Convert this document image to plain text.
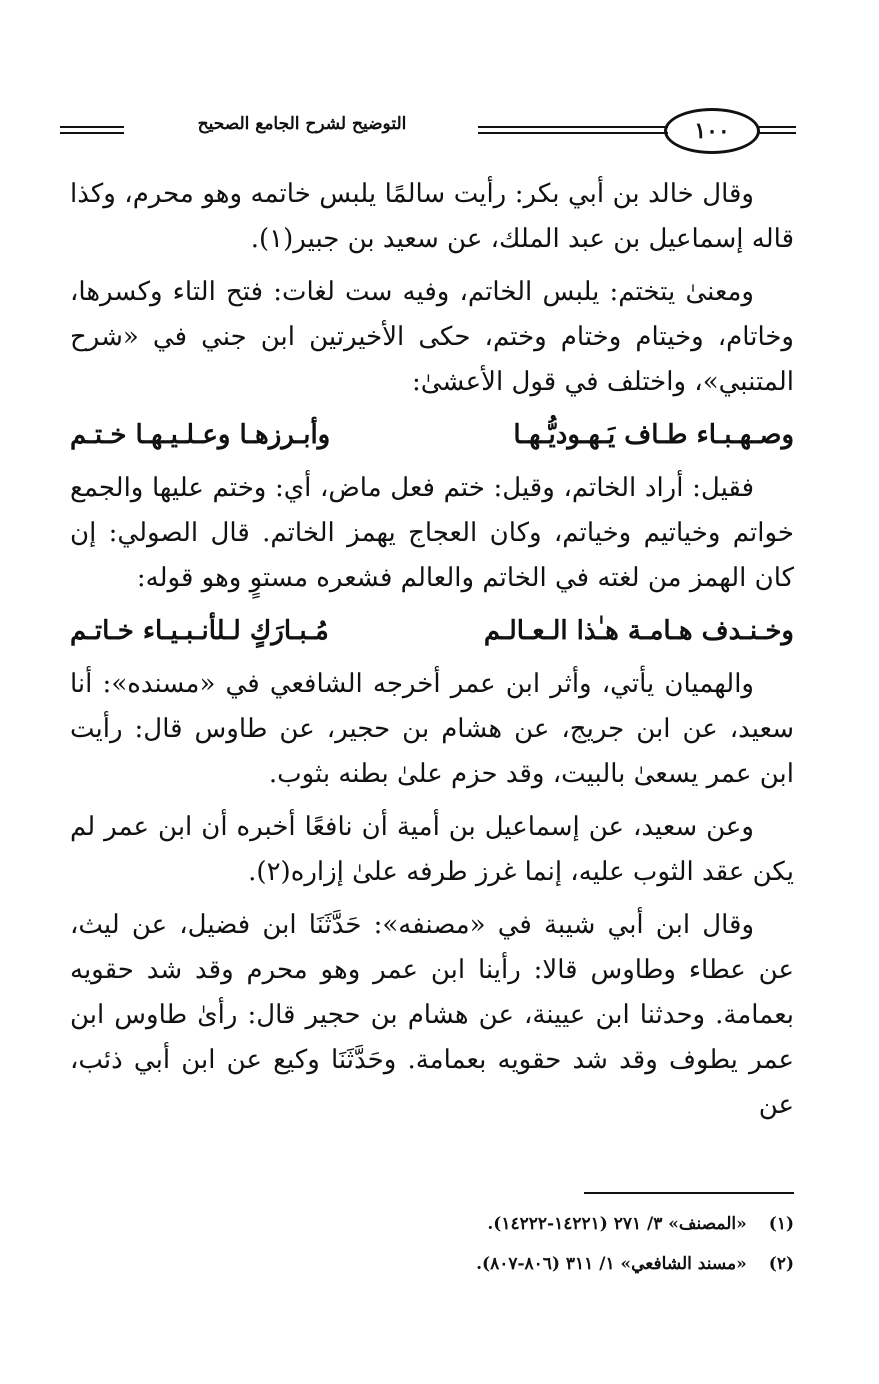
١٠٠
التوضيح لشرح الجامع الصحيح

وقال خالد بن أبي بكر: رأيت سالمًا يلبس خاتمه وهو محرم، وكذا قاله إسماعيل بن عبد الملك، عن سعيد بن جبير(١).

ومعنىٰ يتختم: يلبس الخاتم، وفيه ست لغات: فتح التاء وكسرها، وخاتام، وخيتام وختام وختم، حكى الأخيرتين ابن جني في «شرح المتنبي»، واختلف في قول الأعشىٰ:

وصـهـبـاء طـاف يَـهـوديُّـهـا
وأبـرزهـا وعـلـيـهـا خـتـم

فقيل: أراد الخاتم، وقيل: ختم فعل ماض، أي: وختم عليها والجمع خواتم وخياتيم وخياتم، وكان العجاج يهمز الخاتم. قال الصولي: إن كان الهمز من لغته في الخاتم والعالم فشعره مستوٍ وهو قوله:

وخـنـدف هـامـة هـٰذا الـعـالـم
مُـبـارَكٍ لـلأنـبـيـاء خـاتـم

والهميان يأتي، وأثر ابن عمر أخرجه الشافعي في «مسنده»: أنا سعيد، عن ابن جريج، عن هشام بن حجير، عن طاوس قال: رأيت ابن عمر يسعىٰ بالبيت، وقد حزم علىٰ بطنه بثوب.

وعن سعيد، عن إسماعيل بن أمية أن نافعًا أخبره أن ابن عمر لم يكن عقد الثوب عليه، إنما غرز طرفه علىٰ إزاره(٢).

وقال ابن أبي شيبة في «مصنفه»: حَدَّثَنَا ابن فضيل، عن ليث، عن عطاء وطاوس قالا: رأينا ابن عمر وهو محرم وقد شد حقويه بعمامة. وحدثنا ابن عيينة، عن هشام بن حجير قال: رأىٰ طاوس ابن عمر يطوف وقد شد حقويه بعمامة. وحَدَّثَنَا وكيع عن ابن أبي ذئب، عن

(١)
«المصنف» ٣/ ٢٧١ (١٤٢٢١-١٤٢٢٢).
(٢)
«مسند الشافعي» ١/ ٣١١ (٨٠٦-٨٠٧).
